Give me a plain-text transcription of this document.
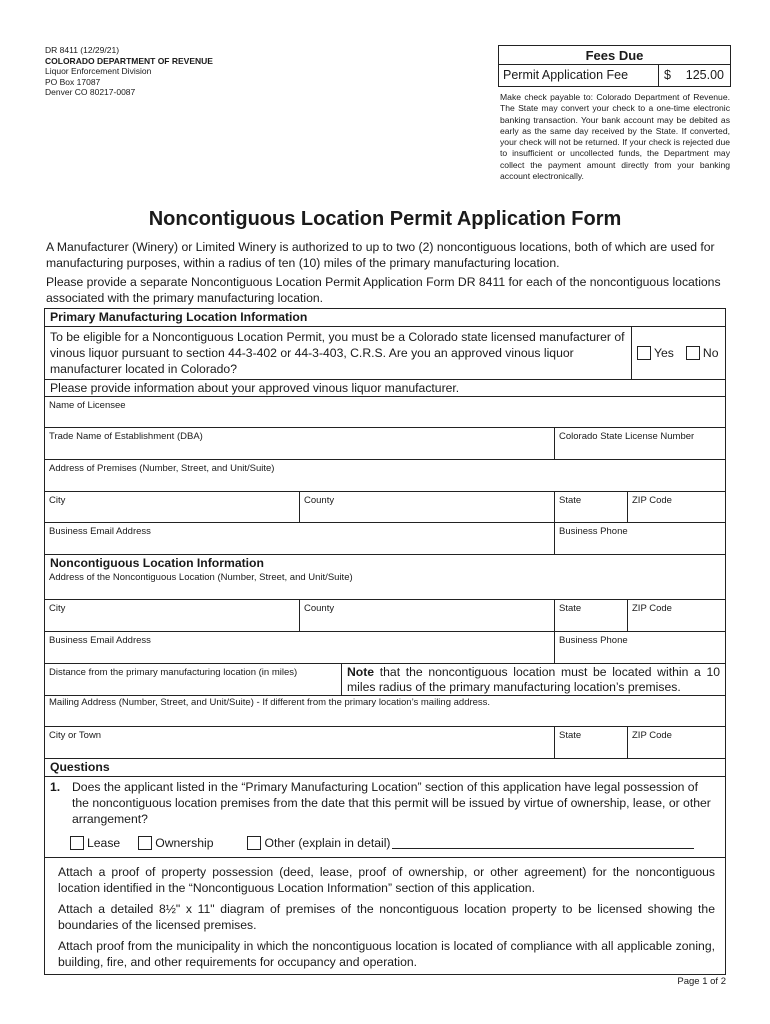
DR 8411 (12/29/21)
COLORADO DEPARTMENT OF REVENUE
Liquor Enforcement Division
PO Box 17087
Denver CO 80217-0087
Fees Due
Permit Application Fee	$ 125.00
Make check payable to: Colorado Department of Revenue. The State may convert your check to a one-time electronic banking transaction. Your bank account may be debited as early as the same day received by the State. If converted, your check will not be returned. If your check is rejected due to insufficient or uncollected funds, the Department may collect the payment amount directly from your banking account electronically.
Noncontiguous Location Permit Application Form
A Manufacturer (Winery) or Limited Winery is authorized to up to two (2) noncontiguous locations, both of which are used for manufacturing purposes, within a radius of ten (10) miles of the primary manufacturing location.
Please provide a separate Noncontiguous Location Permit Application Form DR 8411 for each of the noncontiguous locations associated with the primary manufacturing location.
Primary Manufacturing Location Information
To be eligible for a Noncontiguous Location Permit, you must be a Colorado state licensed manufacturer of vinous liquor pursuant to section 44-3-402 or 44-3-403, C.R.S. Are you an approved vinous liquor manufacturer located in Colorado?
Yes No
Please provide information about your approved vinous liquor manufacturer.
Name of Licensee
Trade Name of Establishment (DBA)	Colorado State License Number
Address of Premises (Number, Street, and Unit/Suite)
City	County	State	ZIP Code
Business Email Address	Business Phone
Noncontiguous Location Information
Address of the Noncontiguous Location (Number, Street, and Unit/Suite)
City	County	State	ZIP Code
Business Email Address	Business Phone
Distance from the primary manufacturing location (in miles)	Note that the noncontiguous location must be located within a 10 miles radius of the primary manufacturing location’s premises.
Mailing Address (Number, Street, and Unit/Suite) - If different from the primary location’s mailing address.
City or Town	State	ZIP Code
Questions
1. Does the applicant listed in the “Primary Manufacturing Location” section of this application have legal possession of the noncontiguous location premises from the date that this permit will be issued by virtue of ownership, lease, or other arrangement?
Lease	Ownership	Other (explain in detail)

Attach a proof of property possession (deed, lease, proof of ownership, or other agreement) for the noncontiguous location identified in the “Noncontiguous Location Information” section of this application.

Attach a detailed 8½" x 11" diagram of premises of the noncontiguous location property to be licensed showing the boundaries of the licensed premises.

Attach proof from the municipality in which the noncontiguous location is located of compliance with all applicable zoning, building, fire, and other requirements for occupancy and operation.

Page 1 of 2
